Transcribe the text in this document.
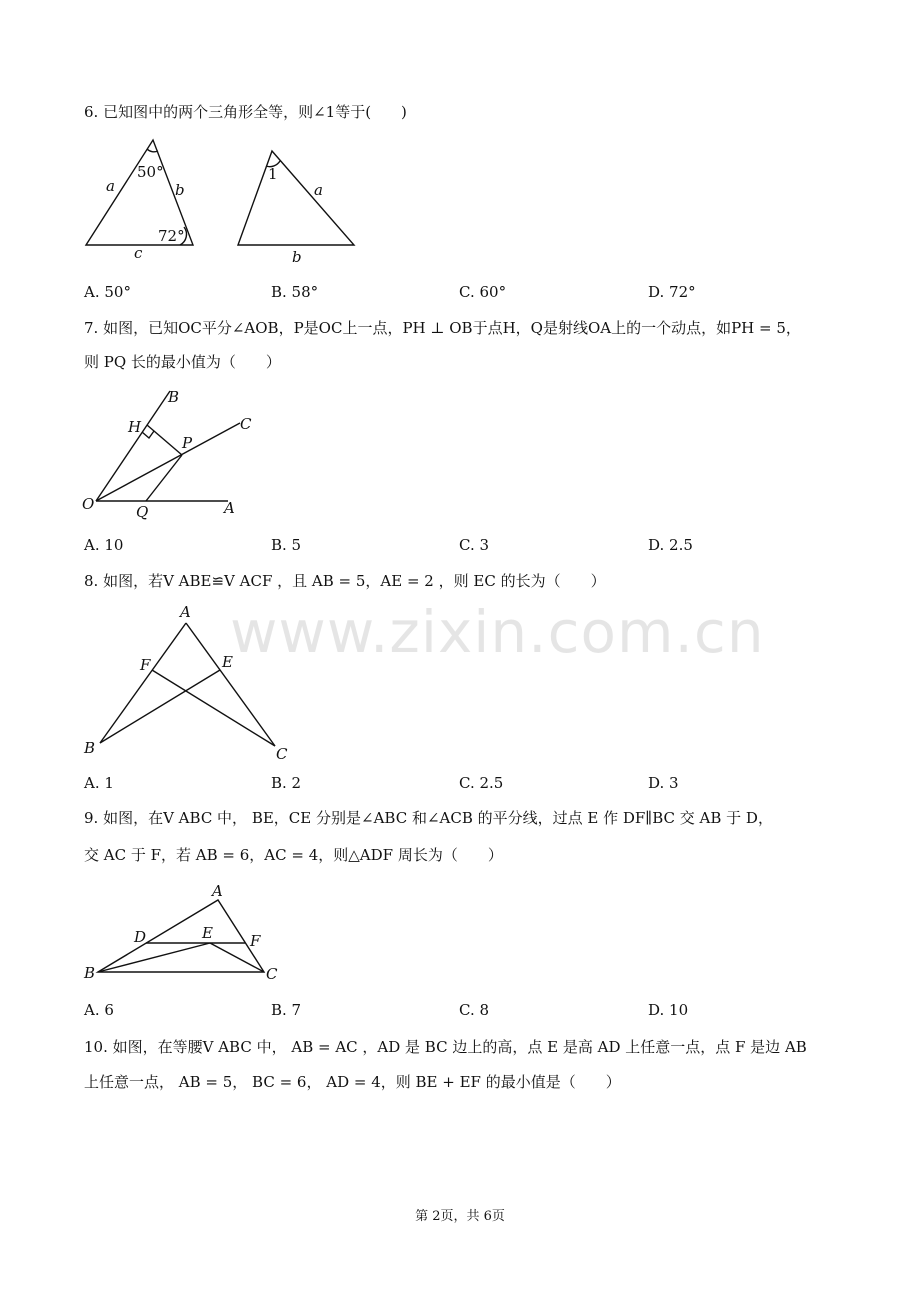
6. 已知图中的两个三角形全等，则∠1等于(　　)
50°
a	b
c
72°
1
a
b
A. 50°	B. 58°	C. 60°	D. 72°
7. 如图，已知OC平分∠AOB，P是OC上一点，PH ⊥ OB于点H，Q是射线OA上的一个动点，如PH = 5，
则 PQ 长的最小值为（　　）
B
C
H
P
O	Q	A
A. 10	B. 5	C. 3	D. 2.5
8. 如图，若V ABE≌V ACF ，且 AB = 5，AE = 2 ，则 EC 的长为（　　）
A
F	E
B	C
A. 1	B. 2	C. 2.5	D. 3
9. 如图，在V ABC 中， BE，CE 分别是∠ABC 和∠ACB 的平分线，过点 E 作 DF∥BC 交 AB 于 D，
交 AC 于 F，若 AB = 6，AC = 4，则△ADF 周长为（　　）
A
D	E F
B	C
A. 6	B. 7	C. 8	D. 10
10. 如图，在等腰V ABC 中， AB = AC ，AD 是 BC 边上的高，点 E 是高 AD 上任意一点，点 F 是边 AB
上任意一点， AB = 5， BC = 6， AD = 4，则 BE + EF 的最小值是（　　）
www.zixin.com.cn
第 2页，共 6页
